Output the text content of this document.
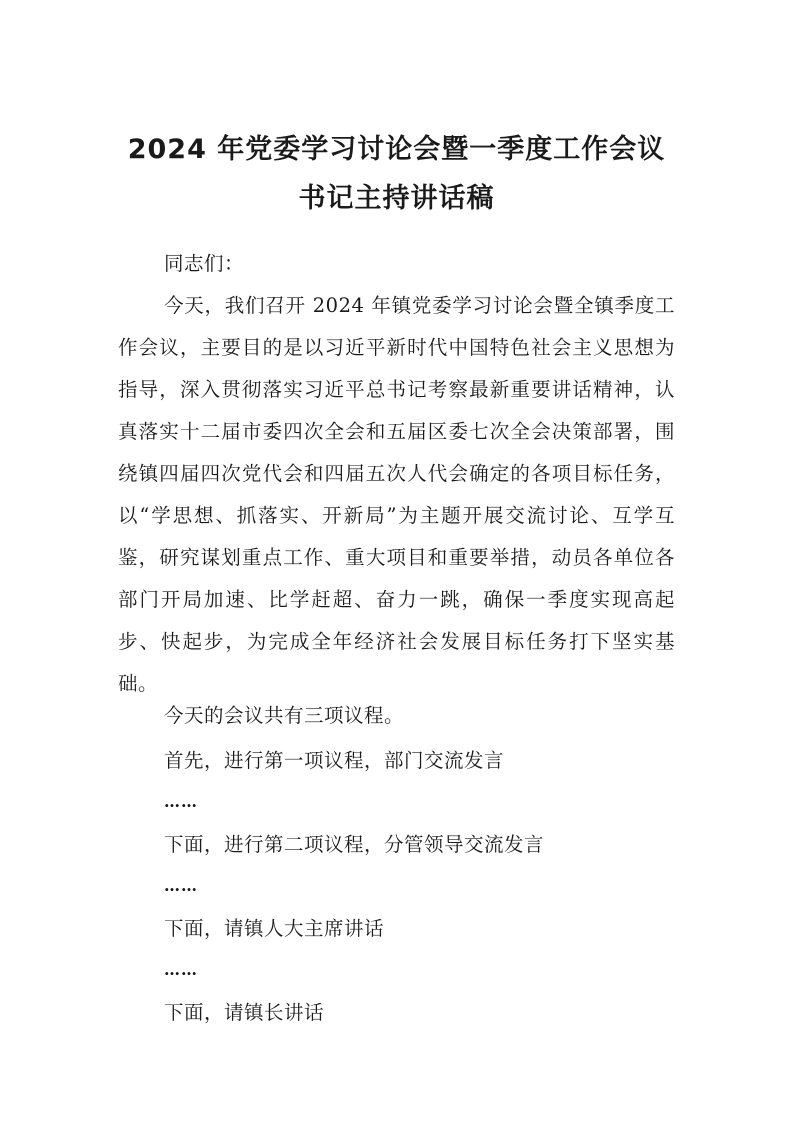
2024 年党委学习讨论会暨一季度工作会议
书记主持讲话稿

同志们：

今天，我们召开 2024 年镇党委学习讨论会暨全镇季度工作会议，主要目的是以习近平新时代中国特色社会主义思想为指导，深入贯彻落实习近平总书记考察最新重要讲话精神，认真落实十二届市委四次全会和五届区委七次全会决策部署，围绕镇四届四次党代会和四届五次人代会确定的各项目标任务，以“学思想、抓落实、开新局”为主题开展交流讨论、互学互鉴，研究谋划重点工作、重大项目和重要举措，动员各单位各部门开局加速、比学赶超、奋力一跳，确保一季度实现高起步、快起步，为完成全年经济社会发展目标任务打下坚实基础。

今天的会议共有三项议程。

首先，进行第一项议程，部门交流发言

……

下面，进行第二项议程，分管领导交流发言

……

下面，请镇人大主席讲话

……

下面，请镇长讲话
